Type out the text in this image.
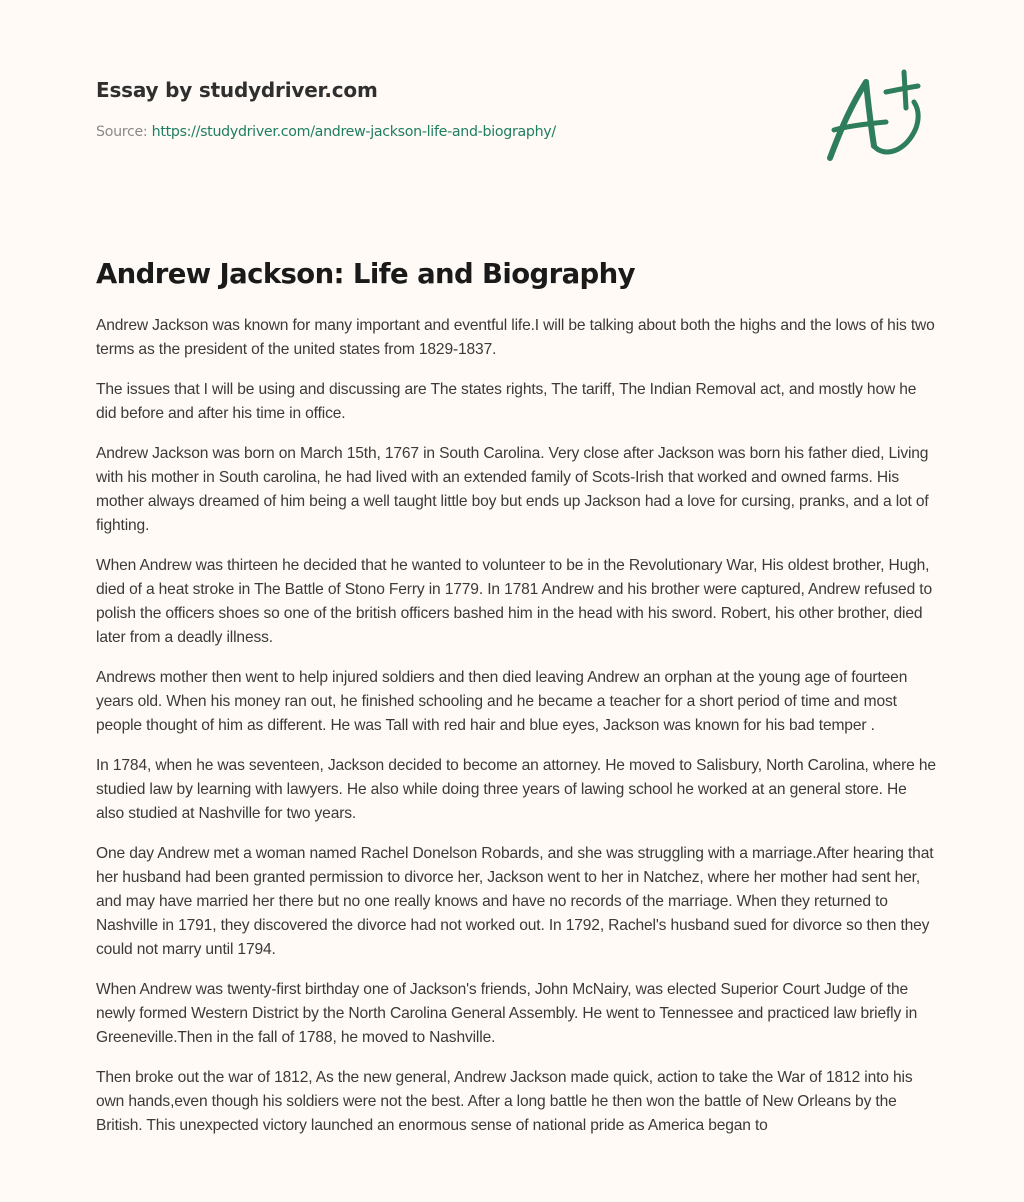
Essay by studydriver.com
Source: https://studydriver.com/andrew-jackson-life-and-biography/
Andrew Jackson: Life and Biography

Andrew Jackson was known for many important and eventful life.I will be talking about both the highs and the lows of his two terms as the president of the united states from 1829-1837.

The issues that I will be using and discussing are The states rights, The tariff, The Indian Removal act, and mostly how he did before and after his time in office.

Andrew Jackson was born on March 15th, 1767 in South Carolina. Very close after Jackson was born his father died, Living with his mother in South carolina, he had lived with an extended family of Scots-Irish that worked and owned farms. His mother always dreamed of him being a well taught little boy but ends up Jackson had a love for cursing, pranks, and a lot of fighting.

When Andrew was thirteen he decided that he wanted to volunteer to be in the Revolutionary War, His oldest brother, Hugh, died of a heat stroke in The Battle of Stono Ferry in 1779. In 1781 Andrew and his brother were captured, Andrew refused to polish the officers shoes so one of the british officers bashed him in the head with his sword. Robert, his other brother, died later from a deadly illness.

Andrews mother then went to help injured soldiers and then died leaving Andrew an orphan at the young age of fourteen years old. When his money ran out, he finished schooling and he became a teacher for a short period of time and most people thought of him as different. He was Tall with red hair and blue eyes, Jackson was known for his bad temper .

In 1784, when he was seventeen, Jackson decided to become an attorney. He moved to Salisbury, North Carolina, where he studied law by learning with lawyers. He also while doing three years of lawing school he worked at an general store. He also studied at Nashville for two years.

One day Andrew met a woman named Rachel Donelson Robards, and she was struggling with a marriage.After hearing that her husband had been granted permission to divorce her, Jackson went to her in Natchez, where her mother had sent her, and may have married her there but no one really knows and have no records of the marriage. When they returned to Nashville in 1791, they discovered the divorce had not worked out. In 1792, Rachel's husband sued for divorce so then they could not marry until 1794.

When Andrew was twenty-first birthday one of Jackson's friends, John McNairy, was elected Superior Court Judge of the newly formed Western District by the North Carolina General Assembly. He went to Tennessee and practiced law briefly in Greeneville.Then in the fall of 1788, he moved to Nashville.

Then broke out the war of 1812, As the new general, Andrew Jackson made quick, action to take the War of 1812 into his own hands,even though his soldiers were not the best. After a long battle he then won the battle of New Orleans by the British. This unexpected victory launched an enormous sense of national pride as America began to
